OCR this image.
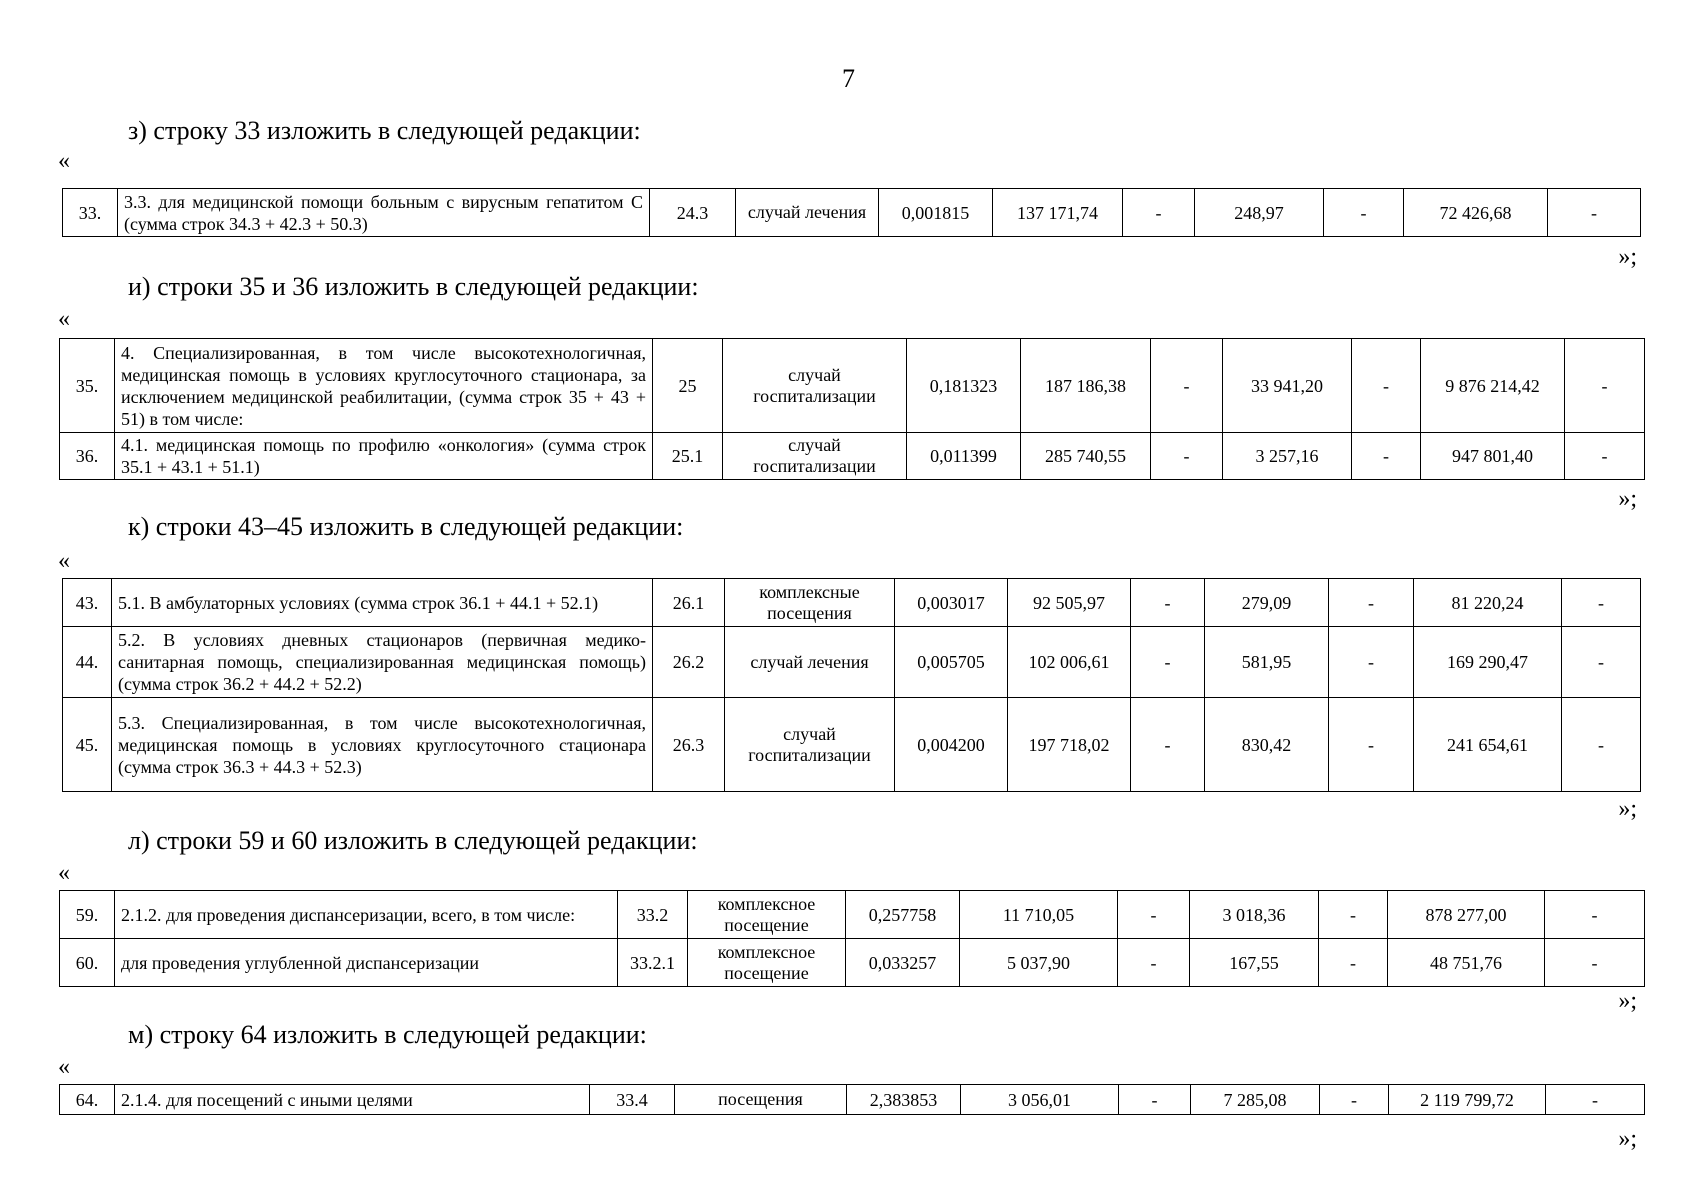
7
з) строку 33 изложить в следующей редакции:
«
33.	3.3. для медицинской помощи больным с вирусным гепатитом С (сумма строк 34.3 + 42.3 + 50.3)	24.3	случай лечения	0,001815	137 171,74	-	248,97	-	72 426,68	-
»;
и) строки 35 и 36 изложить в следующей редакции:
«
35.	4. Специализированная, в том числе высокотехнологичная, медицинская помощь в условиях круглосуточного стационара, за исключением медицинской реабилитации, (сумма строк 35 + 43 + 51) в том числе:	25	случай госпитализации	0,181323	187 186,38	-	33 941,20	-	9 876 214,42	-
36.	4.1. медицинская помощь по профилю «онкология» (сумма строк 35.1 + 43.1 + 51.1)	25.1	случай госпитализации	0,011399	285 740,55	-	3 257,16	-	947 801,40	-
»;
к) строки 43–45 изложить в следующей редакции:
«
43.	5.1. В амбулаторных условиях (сумма строк 36.1 + 44.1 + 52.1)	26.1	комплексные посещения	0,003017	92 505,97	-	279,09	-	81 220,24	-
44.	5.2. В условиях дневных стационаров (первичная медико-санитарная помощь, специализированная медицинская помощь) (сумма строк 36.2 + 44.2 + 52.2)	26.2	случай лечения	0,005705	102 006,61	-	581,95	-	169 290,47	-
45.	5.3. Специализированная, в том числе высокотехнологичная, медицинская помощь в условиях круглосуточного стационара (сумма строк 36.3 + 44.3 + 52.3)	26.3	случай госпитализации	0,004200	197 718,02	-	830,42	-	241 654,61	-
»;
л) строки 59 и 60 изложить в следующей редакции:
«
59.	2.1.2. для проведения диспансеризации, всего, в том числе:	33.2	комплексное посещение	0,257758	11 710,05	-	3 018,36	-	878 277,00	-
60.	для проведения углубленной диспансеризации	33.2.1	комплексное посещение	0,033257	5 037,90	-	167,55	-	48 751,76	-
»;
м) строку 64 изложить в следующей редакции:
«
64.	2.1.4. для посещений с иными целями	33.4	посещения	2,383853	3 056,01	-	7 285,08	-	2 119 799,72	-
»;
